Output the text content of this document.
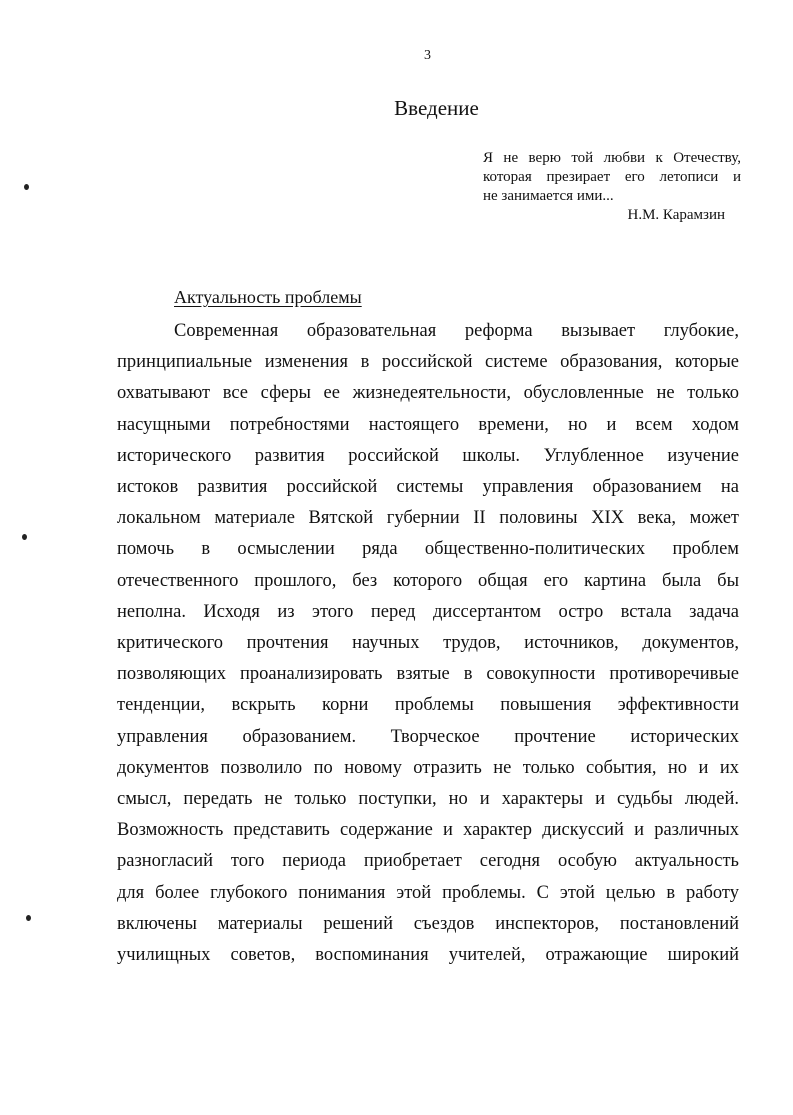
3
Введение
Я не верю той любви к Отечеству,
которая презирает его летописи и
не занимается ими...
Н.М. Карамзин
Актуальность проблемы
Современная образовательная реформа вызывает глубокие,
принципиальные изменения в российской системе образования, которые
охватывают все сферы ее жизнедеятельности, обусловленные не только
насущными потребностями настоящего времени, но и всем ходом
исторического развития российской школы. Углубленное изучение
истоков развития российской системы управления образованием на
локальном материале Вятской губернии II половины XIX века, может
помочь в осмыслении ряда общественно-политических проблем
отечественного прошлого, без которого общая его картина была бы
неполна. Исходя из этого перед диссертантом остро встала задача
критического прочтения научных трудов, источников, документов,
позволяющих проанализировать взятые в совокупности противоречивые
тенденции, вскрыть корни проблемы повышения эффективности
управления образованием. Творческое прочтение исторических
документов позволило по новому отразить не только события, но и их
смысл, передать не только поступки, но и характеры и судьбы людей.
Возможность представить содержание и характер дискуссий и различных
разногласий того периода приобретает сегодня особую актуальность
для более глубокого понимания этой проблемы. С этой целью в работу
включены материалы решений съездов инспекторов, постановлений
училищных советов, воспоминания учителей, отражающие широкий
